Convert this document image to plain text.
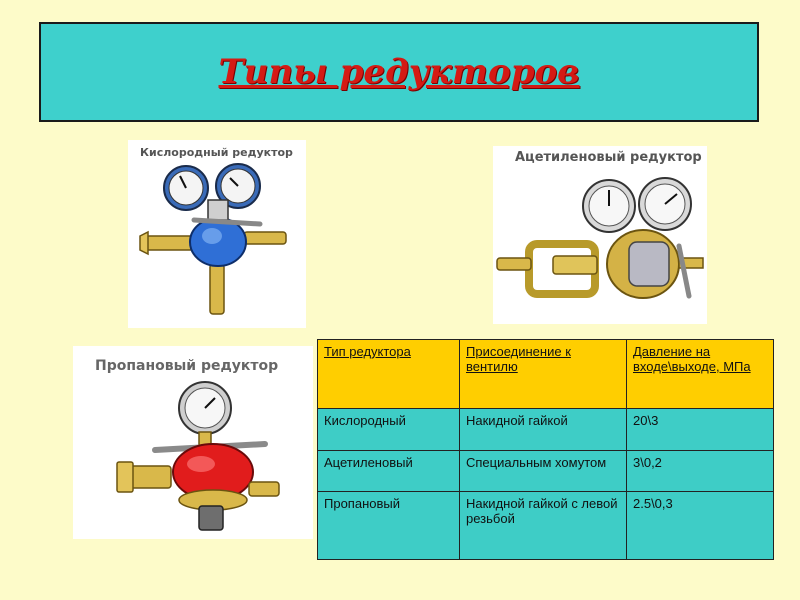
Типы редукторов
Кислородный редуктор	Ацетиленовый редуктор
Пропановый редуктор
Тип редуктора	Присоединение к вентилю	Давление на входе\выходе, МПа
Кислородный	Накидной гайкой	20\3
Ацетиленовый	Специальным хомутом	3\0,2
Пропановый	Накидной гайкой с левой резьбой	2.5\0,3
